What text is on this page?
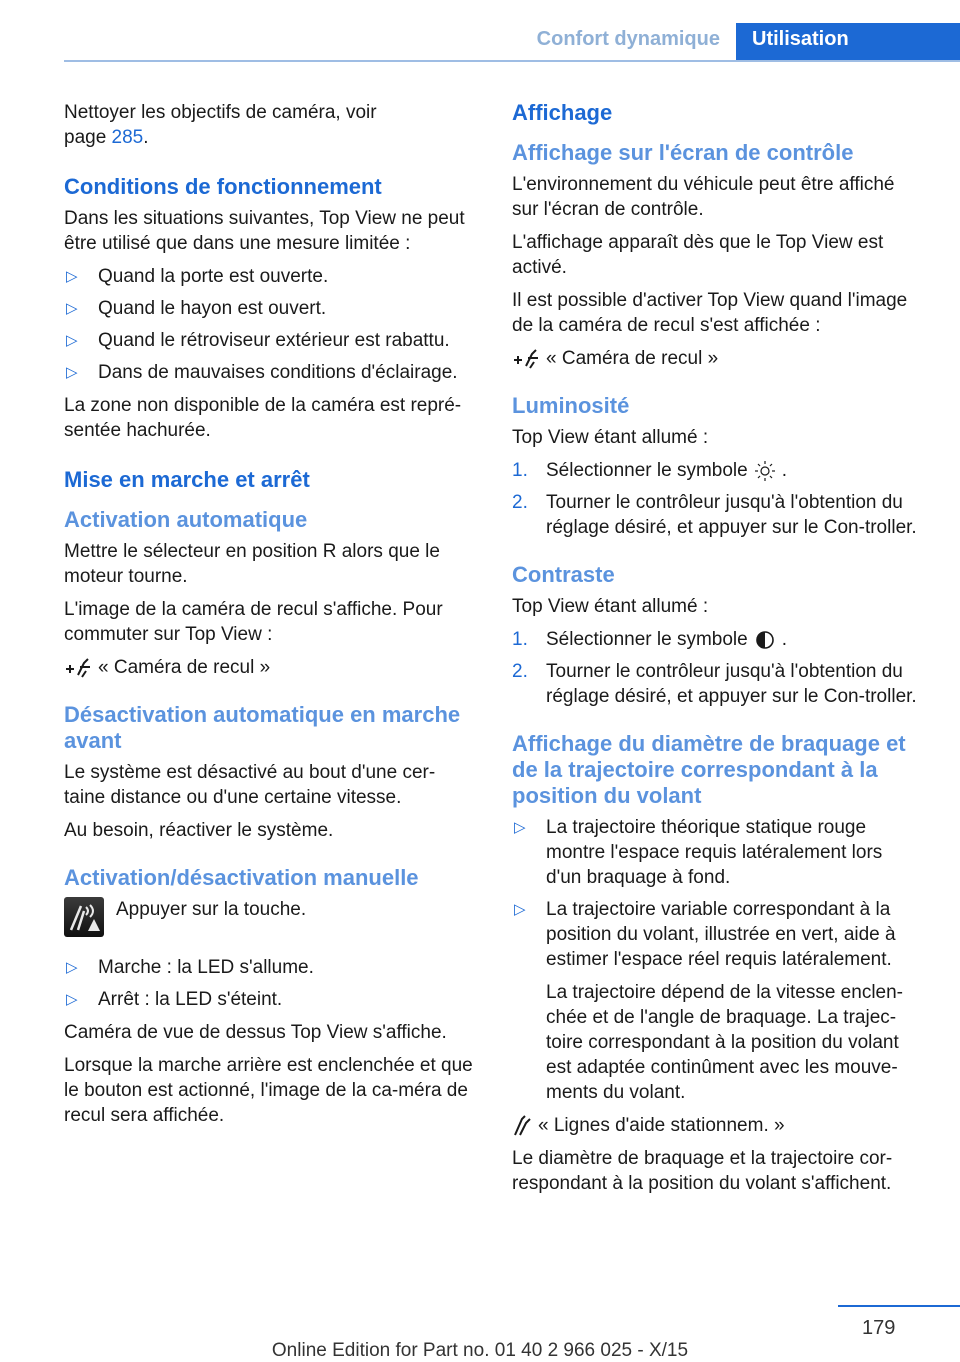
Confort dynamique	Utilisation

Nettoyer les objectifs de caméra, voir
page 285.

Conditions de fonctionnement

Dans les situations suivantes, Top View ne peut être utilisé que dans une mesure limitée :

▷ Quand la porte est ouverte.
▷ Quand le hayon est ouvert.
▷ Quand le rétroviseur extérieur est rabattu.
▷ Dans de mauvaises conditions d'éclairage.

La zone non disponible de la caméra est repré-sentée hachurée.

Mise en marche et arrêt
Activation automatique

Mettre le sélecteur en position R alors que le moteur tourne.

L'image de la caméra de recul s'affiche. Pour commuter sur Top View :

« Caméra de recul »
Désactivation automatique en marche avant

Le système est désactivé au bout d'une cer-taine distance ou d'une certaine vitesse.

Au besoin, réactiver le système.

Activation/désactivation manuelle
Appuyer sur la touche.
▷ Marche : la LED s'allume.
▷ Arrêt : la LED s'éteint.

Caméra de vue de dessus Top View s'affiche.

Lorsque la marche arrière est enclenchée et que le bouton est actionné, l'image de la ca-méra de recul sera affichée.

Affichage
Affichage sur l'écran de contrôle

L'environnement du véhicule peut être affiché sur l'écran de contrôle.

L'affichage apparaît dès que le Top View est activé.

Il est possible d'activer Top View quand l'image de la caméra de recul s'est affichée :

« Caméra de recul »
Luminosité

Top View étant allumé :

1. Sélectionner le symbole .
2. Tourner le contrôleur jusqu'à l'obtention du réglage désiré, et appuyer sur le Con-troller.
Contraste

Top View étant allumé :

1. Sélectionner le symbole .
2. Tourner le contrôleur jusqu'à l'obtention du réglage désiré, et appuyer sur le Con-troller.
Affichage du diamètre de braquage et de la trajectoire correspondant à la position du volant
▷ La trajectoire théorique statique rouge montre l'espace requis latéralement lors d'un braquage à fond.
▷ La trajectoire variable correspondant à la position du volant, illustrée en vert, aide à estimer l'espace réel requis latéralement.
La trajectoire dépend de la vitesse enclen-chée et de l'angle de braquage. La trajec-toire correspondant à la position du volant est adaptée continûment avec les mouve-ments du volant.
« Lignes d'aide stationnem. »

Le diamètre de braquage et la trajectoire cor-respondant à la position du volant s'affichent.

179
Online Edition for Part no. 01 40 2 966 025 - X/15
